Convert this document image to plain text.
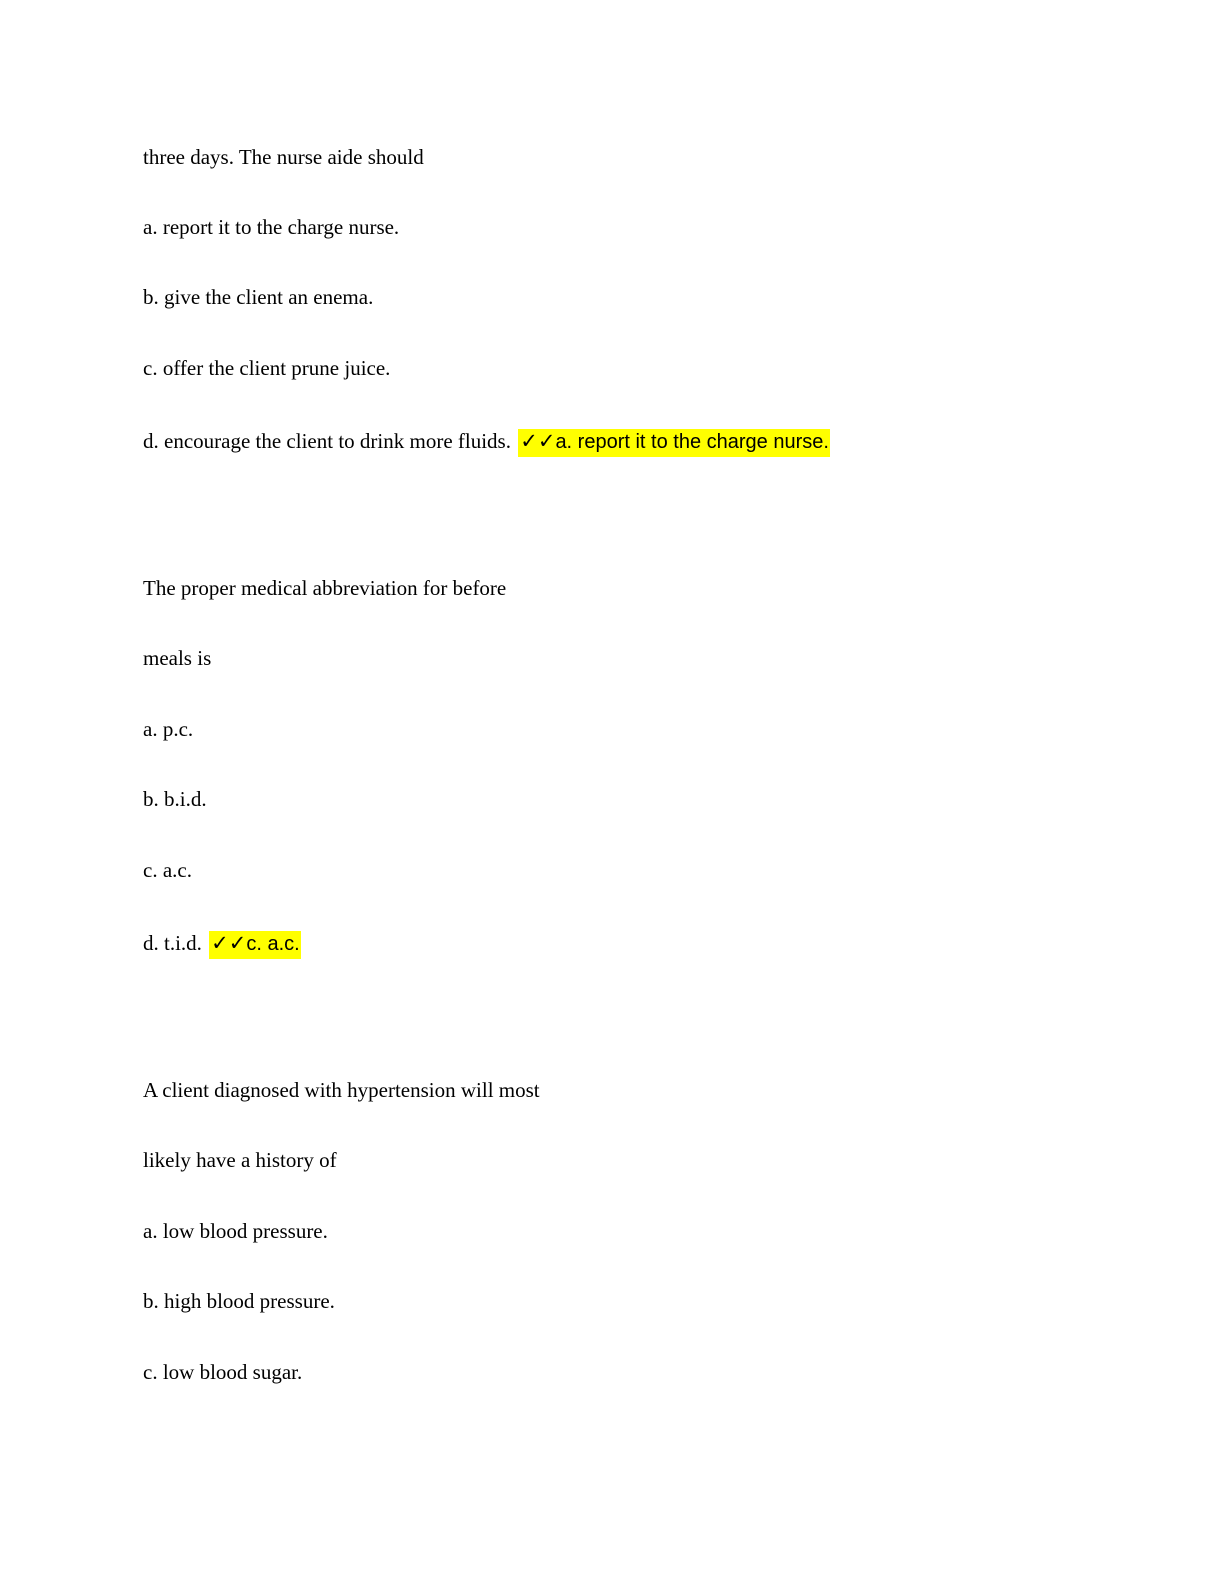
three days. The nurse aide should
a. report it to the charge nurse.
b. give the client an enema.
c. offer the client prune juice.
d. encourage the client to drink more fluids. ✓✓a. report it to the charge nurse.
The proper medical abbreviation for before
meals is
a. p.c.
b. b.i.d.
c. a.c.
d. t.i.d. ✓✓c. a.c.
A client diagnosed with hypertension will most
likely have a history of
a. low blood pressure.
b. high blood pressure.
c. low blood sugar.
